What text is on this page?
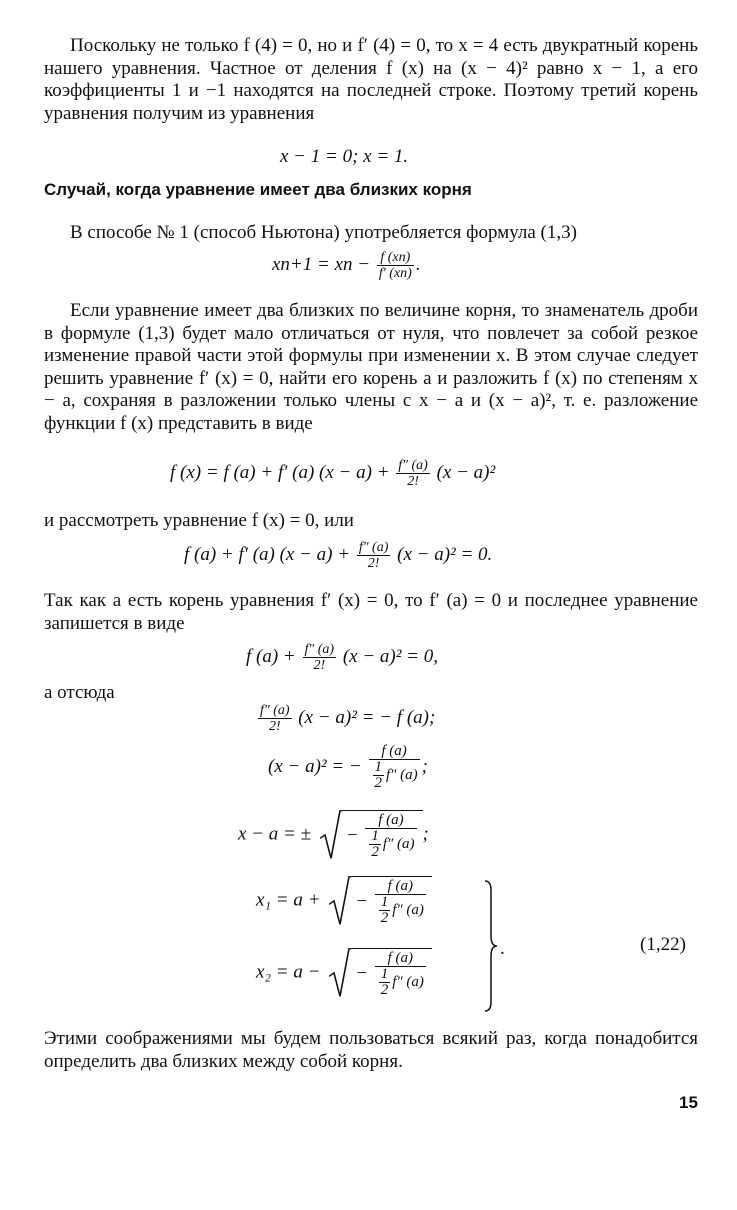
Поскольку не только f (4) = 0, но и f′ (4) = 0, то x = 4 есть двукратный корень нашего уравнения. Частное от деления f (x) на (x − 4)² равно x − 1, а его коэффициенты 1 и −1 находятся на последней строке. Поэтому третий корень уравнения получим из уравнения
x − 1 = 0; x = 1.
Случай, когда уравнение имеет два близких корня
В способе № 1 (способ Ньютона) употребляется формула (1,3)
xn+1 = xn − $\frac{f (xn)}{f' (xn)}$ .
Если уравнение имеет два близких по величине корня, то знаменатель дроби в формуле (1,3) будет мало отличаться от нуля, что повлечет за собой резкое изменение правой части этой формулы при изменении x. В этом случае следует решить уравнение f′ (x) = 0, найти его корень a и разложить f (x) по степеням x − a, сохраняя в разложении только члены с x − a и (x − a)², т. е. разложение функции f (x) представить в виде
f (x) = f (a) + f′ (a) $(x - a) + \frac{f'' (a)}{2!} (x - a)^2$
и рассмотреть уравнение f (x) = 0, или
f (a) + f′ (a) $(x - a) + \frac{f'' (a)}{2!} (x - a)^2 = 0$.
Так как a есть корень уравнения f′ (x) = 0, то f′ (a) = 0 и последнее уравнение запишется в виде
f $(a) + \frac{f'' (a)}{2!} (x - a)^2 = 0$,
а отсюда
$\frac{f'' (a)}{2!} (x - a)^2$ = − f (a);
(x − a)² = − $\frac{f (a)}{\frac{1}{2} f'' (a)}$ ;
x − a = ± − $\frac{f (a)}{\frac{1}{2} f'' (a)}$ ;
x₁ = a + − $\frac{f (a)}{\frac{1}{2} f'' (a)}$
x₂ = a − − $\frac{f (a)}{\frac{1}{2} f'' (a)}$
.	(1,22)
Этими соображениями мы будем пользоваться всякий раз, когда понадобится определить два близких между собой корня.
15
